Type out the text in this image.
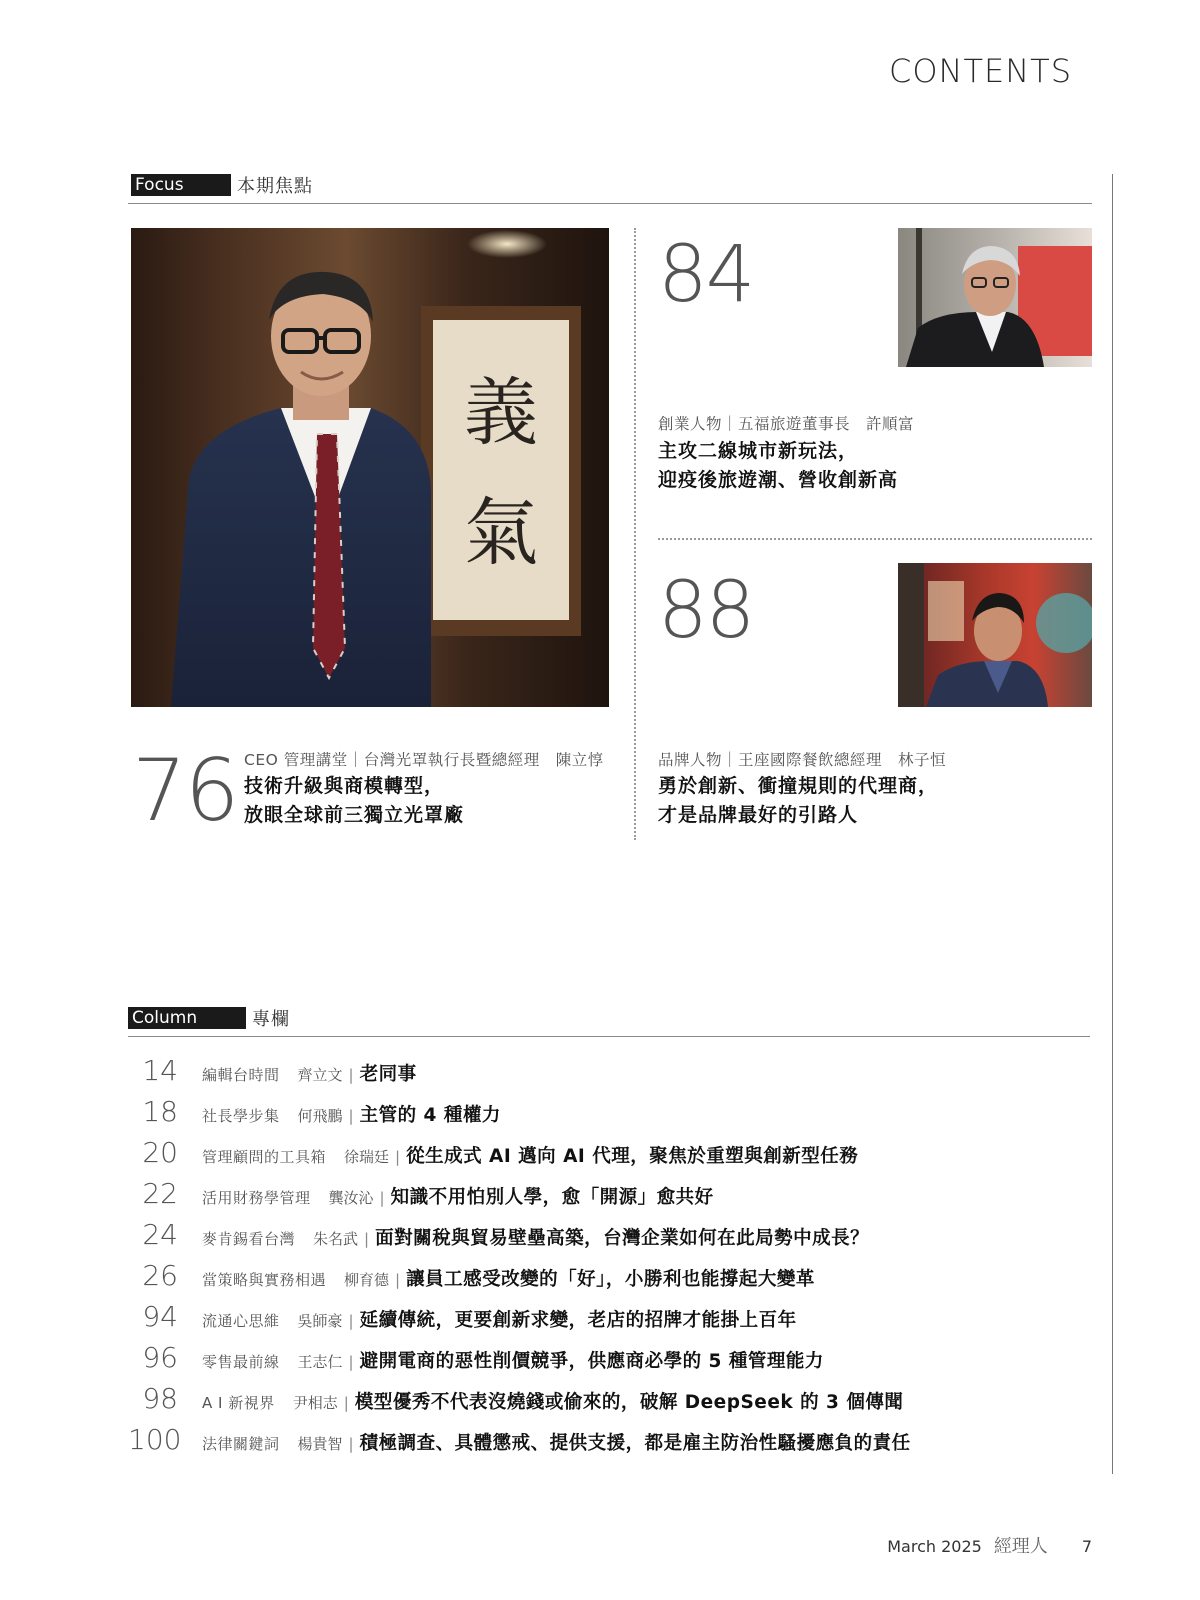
CONTENTS
Focus	本期焦點
義
氣
76 CEO 管理講堂｜台灣光罩執行長暨總經理　陳立惇
技術升級與商模轉型，
放眼全球前三獨立光罩廠
84
創業人物｜五福旅遊董事長　許順富
主攻二線城市新玩法，
迎疫後旅遊潮、營收創新高
88
品牌人物｜王座國際餐飲總經理　林子恒
勇於創新、衝撞規則的代理商，
才是品牌最好的引路人
Column	專欄
14 編輯台時間 齊立文 | 老同事
18 社長學步集 何飛鵬 | 主管的 4 種權力
20 管理顧問的工具箱 徐瑞廷 | 從生成式 AI 邁向 AI 代理，聚焦於重塑與創新型任務
22 活用財務學管理 龔汝沁 | 知識不用怕別人學，愈「開源」愈共好
24 麥肯錫看台灣 朱名武 | 面對關稅與貿易壁壘高築，台灣企業如何在此局勢中成長？
26 當策略與實務相遇 柳育德 | 讓員工感受改變的「好」，小勝利也能撐起大變革
94 流通心思維 吳師豪 | 延續傳統，更要創新求變，老店的招牌才能掛上百年
96 零售最前線 王志仁 | 避開電商的惡性削價競爭，供應商必學的 5 種管理能力
98 A I 新視界 尹相志 | 模型優秀不代表沒燒錢或偷來的，破解 DeepSeek 的 3 個傳聞
100 法律關鍵詞 楊貴智 | 積極調查、具體懲戒、提供支援，都是雇主防治性騷擾應負的責任
March 2025 經理人 7
